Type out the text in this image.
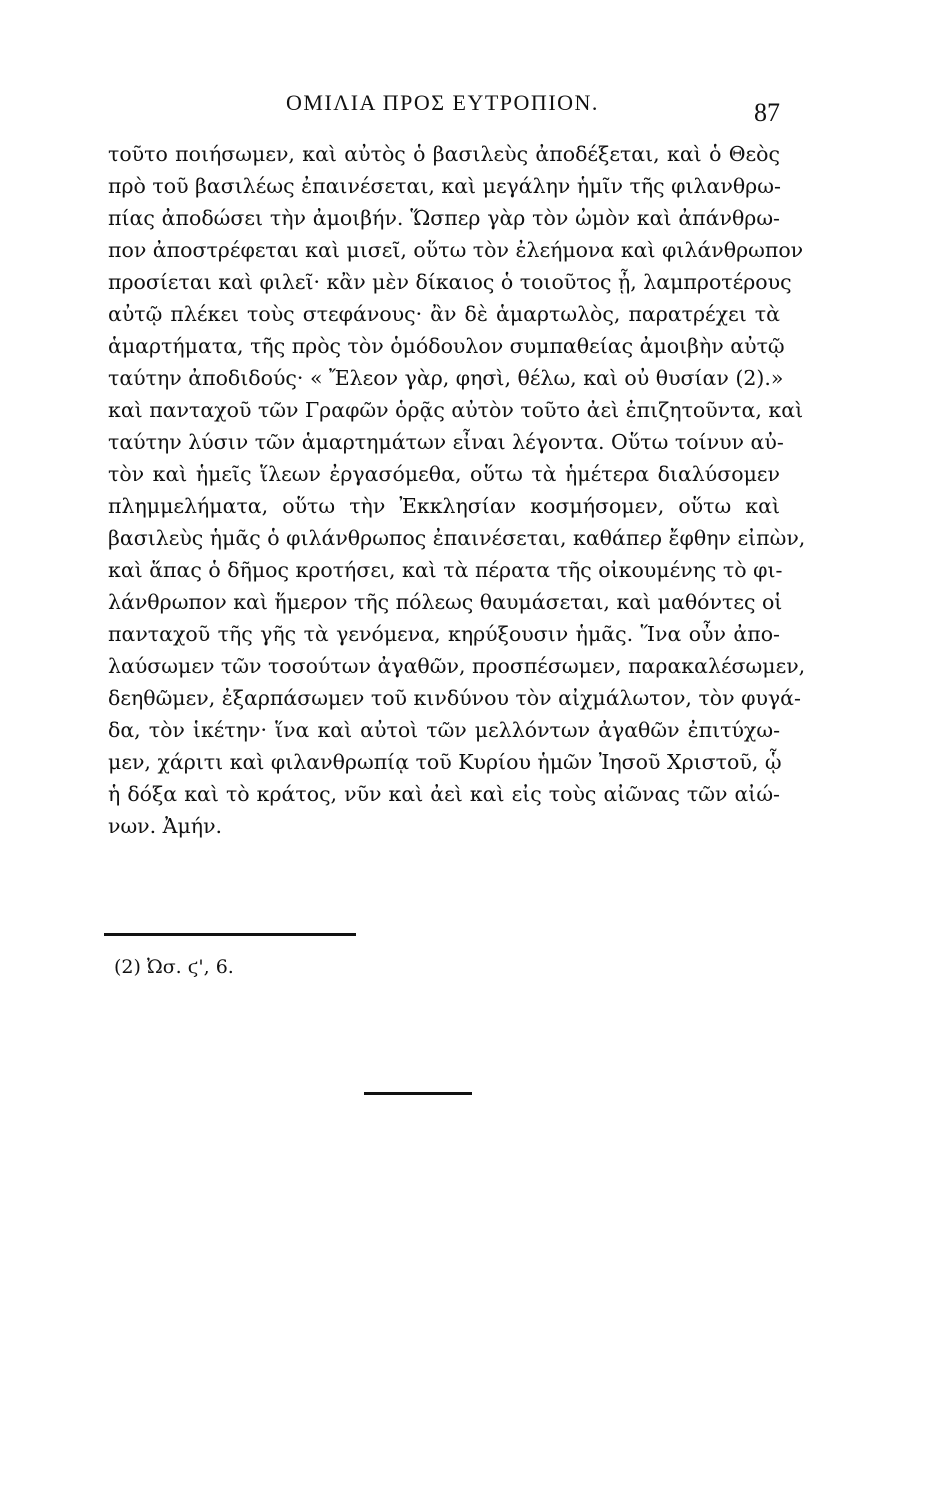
ΟΜΙΛΙΑ ΠΡΟΣ ΕΥΤΡΟΠΙΟΝ.	87
τοῦτο ποιήσωμεν, καὶ αὐτὸς ὁ βασιλεὺς ἀποδέξεται, καὶ ὁ Θεὸς
πρὸ τοῦ βασιλέως ἐπαινέσεται, καὶ μεγάλην ἡμῖν τῆς φιλανθρω-
πίας ἀποδώσει τὴν ἀμοιβήν. Ὥσπερ γὰρ τὸν ὠμὸν καὶ ἀπάνθρω-
πον ἀποστρέφεται καὶ μισεῖ, οὕτω τὸν ἐλεήμονα καὶ φιλάνθρωπον
προσίεται καὶ φιλεῖ· κἂν μὲν δίκαιος ὁ τοιοῦτος ᾖ, λαμπροτέρους
αὐτῷ πλέκει τοὺς στεφάνους· ἂν δὲ ἁμαρτωλὸς, παρατρέχει τὰ
ἁμαρτήματα, τῆς πρὸς τὸν ὁμόδουλον συμπαθείας ἀμοιβὴν αὐτῷ
ταύτην ἀποδιδούς· « Ἔλεον γὰρ, φησὶ, θέλω, καὶ οὐ θυσίαν (2).»
καὶ πανταχοῦ τῶν Γραφῶν ὁρᾷς αὐτὸν τοῦτο ἀεὶ ἐπιζητοῦντα, καὶ
ταύτην λύσιν τῶν ἁμαρτημάτων εἶναι λέγοντα. Οὕτω τοίνυν αὐ-
τὸν καὶ ἡμεῖς ἵλεων ἐργασόμεθα, οὕτω τὰ ἡμέτερα διαλύσομεν
πλημμελήματα, οὕτω τὴν Ἐκκλησίαν κοσμήσομεν, οὕτω καὶ
βασιλεὺς ἡμᾶς ὁ φιλάνθρωπος ἐπαινέσεται, καθάπερ ἔφθην εἰπὼν,
καὶ ἅπας ὁ δῆμος κροτήσει, καὶ τὰ πέρατα τῆς οἰκουμένης τὸ φι-
λάνθρωπον καὶ ἥμερον τῆς πόλεως θαυμάσεται, καὶ μαθόντες οἱ
πανταχοῦ τῆς γῆς τὰ γενόμενα, κηρύξουσιν ἡμᾶς. Ἵνα οὖν ἀπο-
λαύσωμεν τῶν τοσούτων ἀγαθῶν, προσπέσωμεν, παρακαλέσωμεν,
δεηθῶμεν, ἐξαρπάσωμεν τοῦ κινδύνου τὸν αἰχμάλωτον, τὸν φυγά-
δα, τὸν ἱκέτην· ἵνα καὶ αὐτοὶ τῶν μελλόντων ἀγαθῶν ἐπιτύχω-
μεν, χάριτι καὶ φιλανθρωπίᾳ τοῦ Κυρίου ἡμῶν Ἰησοῦ Χριστοῦ, ᾧ
ἡ δόξα καὶ τὸ κράτος, νῦν καὶ ἀεὶ καὶ εἰς τοὺς αἰῶνας τῶν αἰώ-
νων. Ἀμήν.
(2) Ὠσ. ϛ', 6.
